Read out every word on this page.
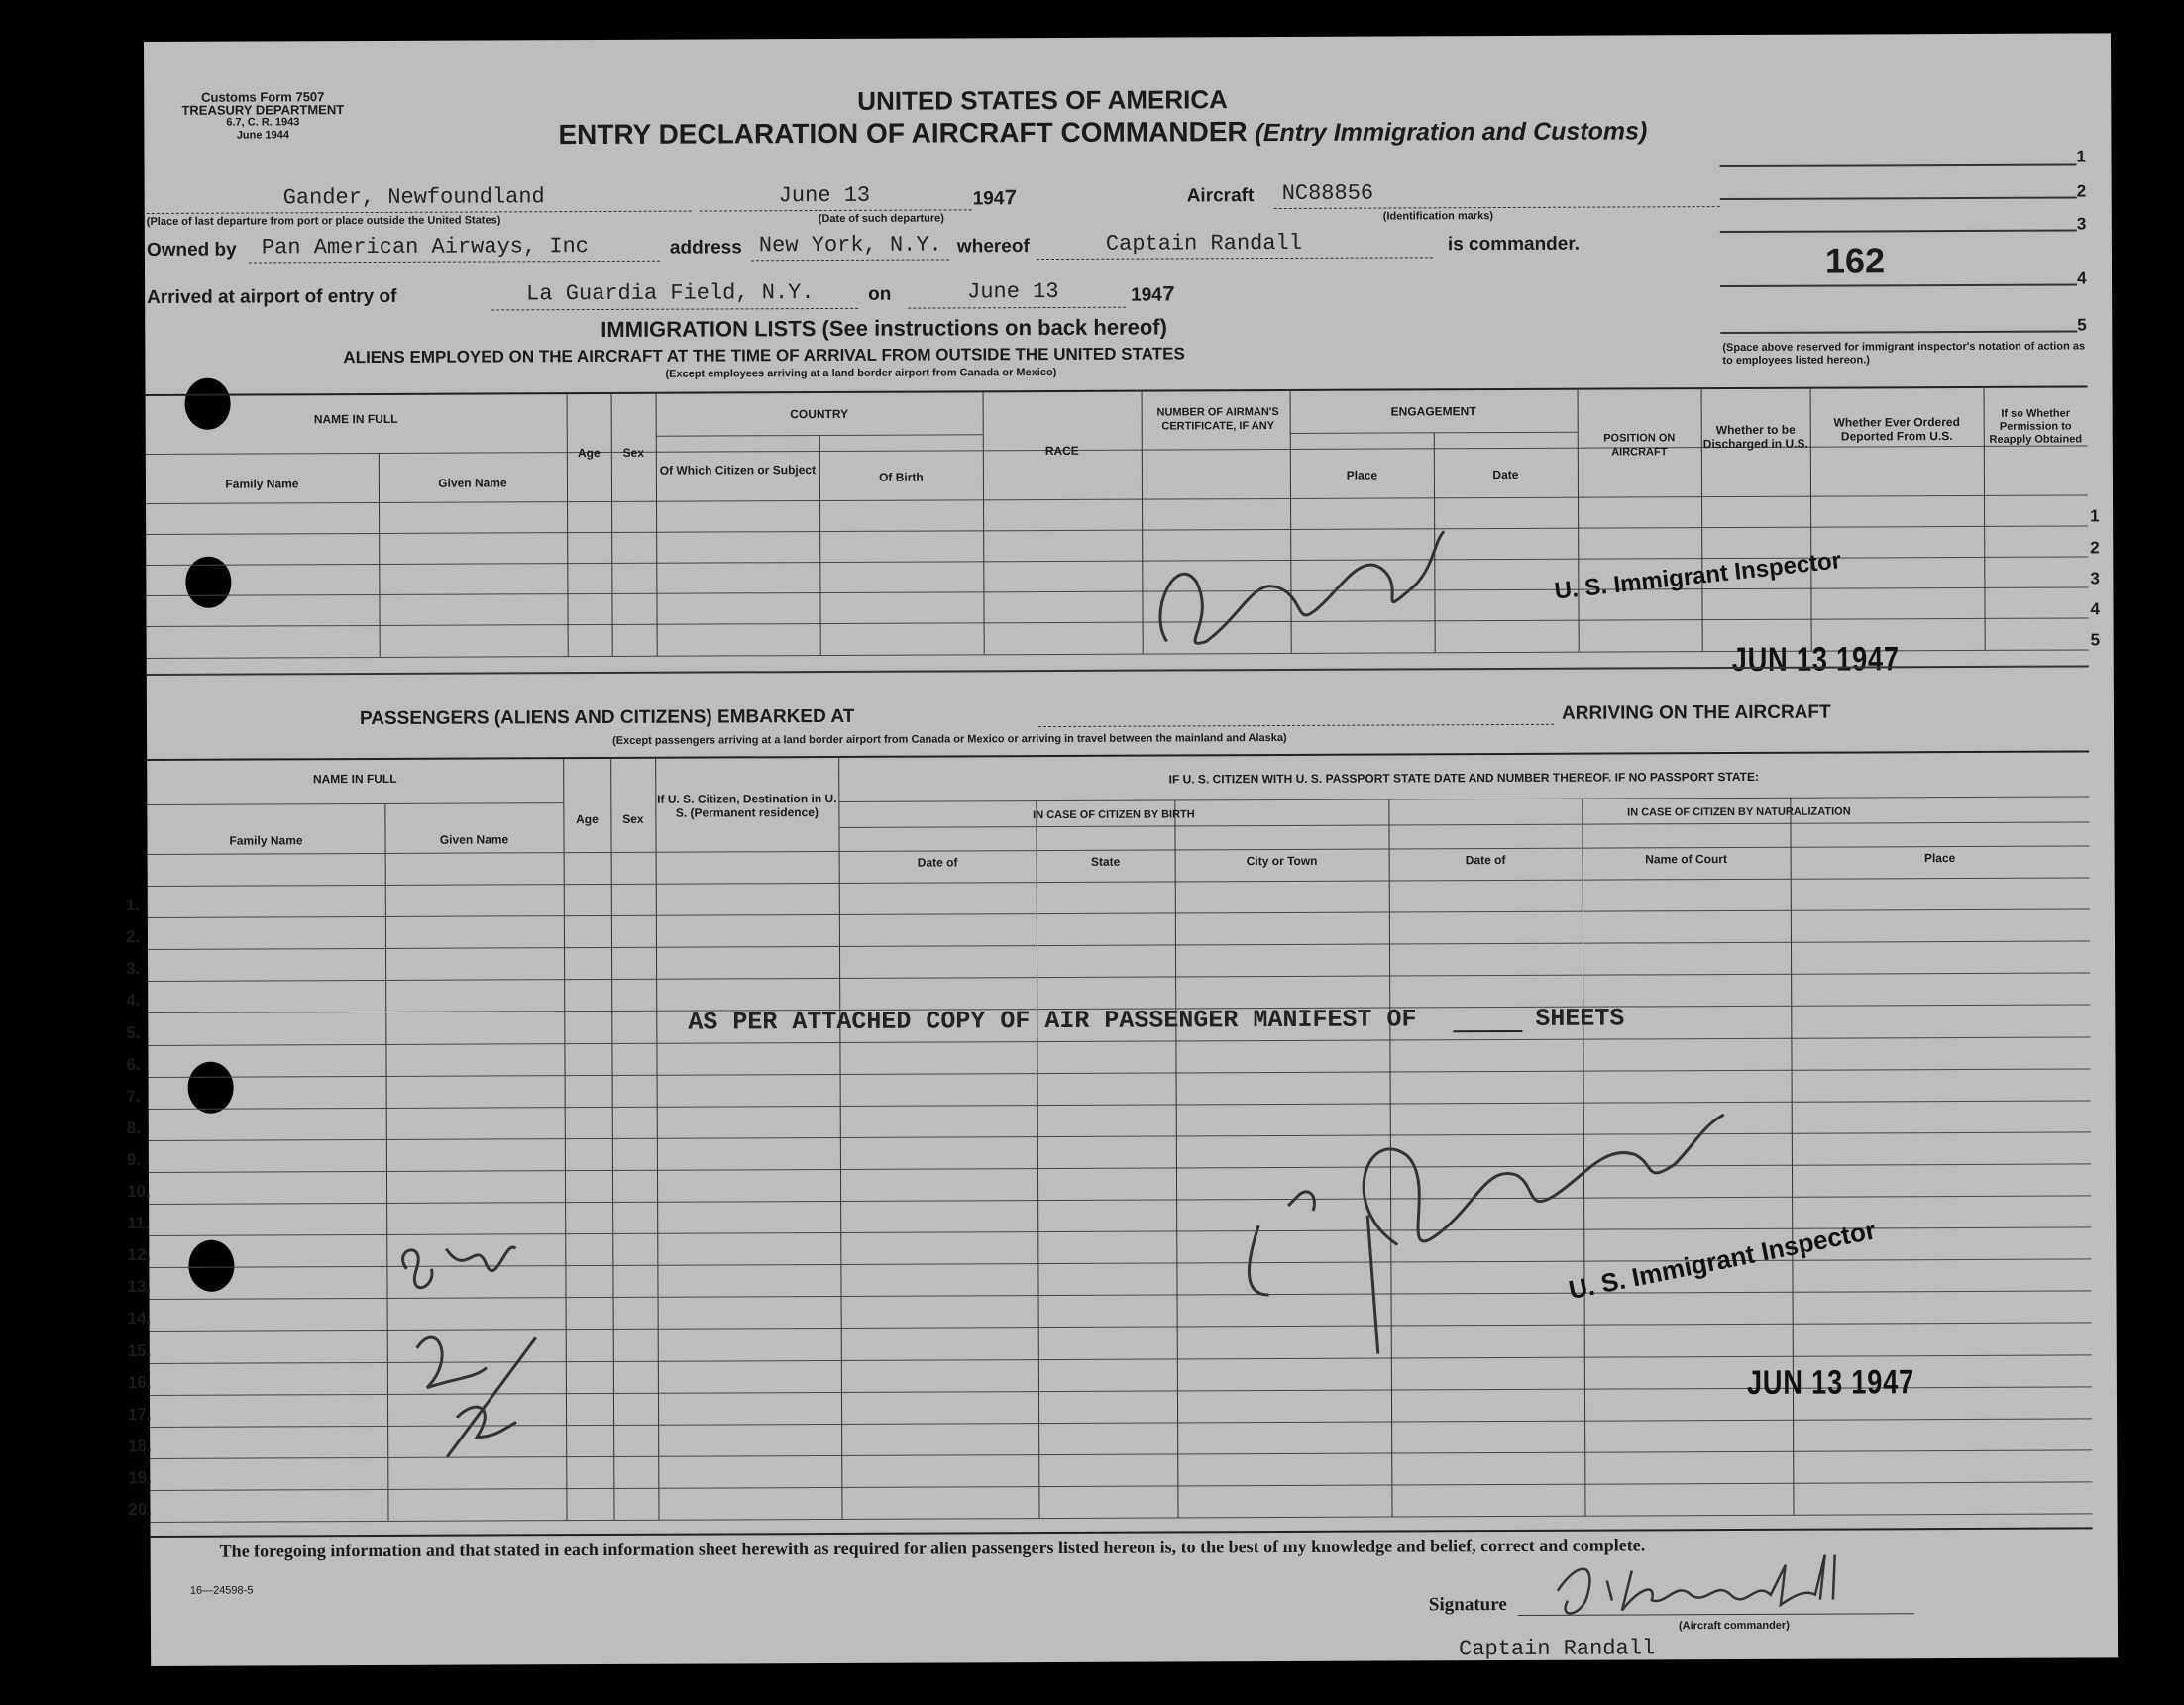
Customs Form 7507
TREASURY DEPARTMENT
6.7, C. R. 1943
June 1944
UNITED STATES OF AMERICA
ENTRY DECLARATION OF AIRCRAFT COMMANDER (Entry Immigration and Customs)
Gander, Newfoundland
(Place of last departure from port or place outside the United States)
June 13
(Date of such departure)
1947	Aircraft NC88856
(Identification marks)
Owned by Pan American Airways, Inc	address New York, N.Y. whereof	Captain Randall	is commander.
Arrived at airport of entry of	La Guardia Field, N.Y.	on	June 13	1947
1
2
3
4
5
162
(Space above reserved for immigrant inspector's notation of action as to employees listed hereon.)
IMMIGRATION LISTS (See instructions on back hereof)
ALIENS EMPLOYED ON THE AIRCRAFT AT THE TIME OF ARRIVAL FROM OUTSIDE THE UNITED STATES
(Except employees arriving at a land border airport from Canada or Mexico)
NAME IN FULL
Family Name	Given Name
Age	Sex
COUNTRY
Of Which Citizen or Subject	Of Birth
RACE
NUMBER OF AIRMAN'S CERTIFICATE, IF ANY
ENGAGEMENT
Place	Date
POSITION ON AIRCRAFT
Whether to be Discharged in U.S.
Whether Ever Ordered Deported From U.S.
If so Whether Permission to Reapply Obtained
1
2
3
4
5
U. S. Immigrant Inspector
JUN 13 1947
PASSENGERS (ALIENS AND CITIZENS) EMBARKED AT	ARRIVING ON THE AIRCRAFT
(Except passengers arriving at a land border airport from Canada or Mexico or arriving in travel between the mainland and Alaska)
NAME IN FULL
Family Name	Given Name
Age	Sex
If U. S. Citizen, Destination in U. S. (Permanent residence)
IF U. S. CITIZEN WITH U. S. PASSPORT STATE DATE AND NUMBER THEREOF. IF NO PASSPORT STATE:
IN CASE OF CITIZEN BY BIRTH	IN CASE OF CITIZEN BY NATURALIZATION
Date of	State	City or Town	Date of	Name of Court	Place
1.
2.
3.
4.
5.
6.
7.
8.
9.
10.
11.
12.
13.
14.
15.
16.
17.
18.
19.
20.
AS PER ATTACHED COPY OF AIR PASSENGER MANIFEST OF	SHEETS
U. S. Immigrant Inspector
JUN 13 1947
The foregoing information and that stated in each information sheet herewith as required for alien passengers listed hereon is, to the best of my knowledge and belief, correct and complete.
16—24598-5
Signature
(Aircraft commander)
Captain Randall
